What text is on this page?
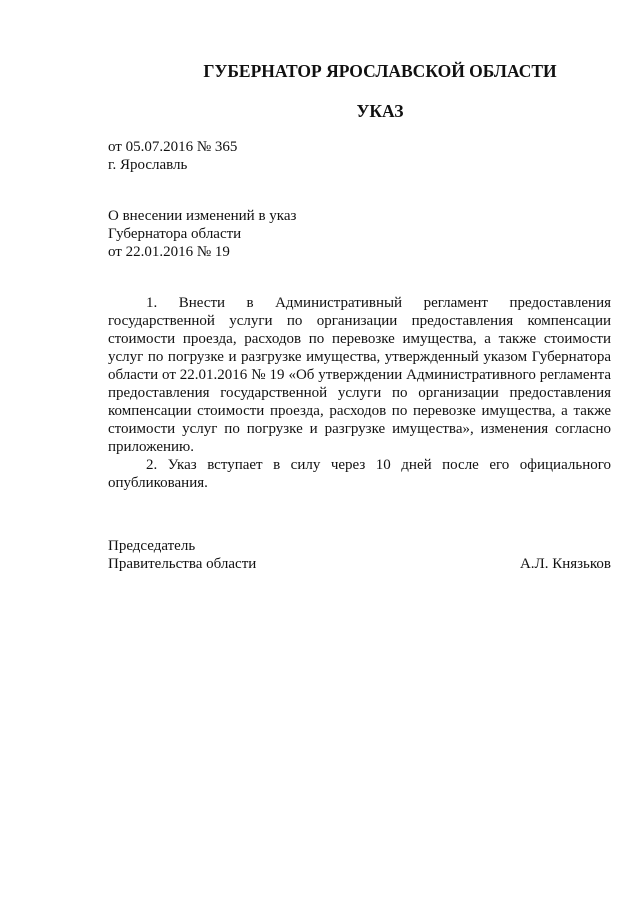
ГУБЕРНАТОР ЯРОСЛАВСКОЙ ОБЛАСТИ
УКАЗ
от 05.07.2016 № 365
г. Ярославль
О внесении изменений в указ
Губернатора области
от 22.01.2016 № 19

1. Внести в Административный регламент предоставления государственной услуги по организации предоставления компенсации стоимости проезда, расходов по перевозке имущества, а также стоимости услуг по погрузке и разгрузке имущества, утвержденный указом Губернатора области от 22.01.2016 № 19 «Об утверждении Административного регламента предоставления государственной услуги по организации предоставления компенсации стоимости проезда, расходов по перевозке имущества, а также стоимости услуг по погрузке и разгрузке имущества», изменения согласно приложению.

2. Указ вступает в силу через 10 дней после его официального опубликования.

Председатель
Правительства области	А.Л. Князьков
